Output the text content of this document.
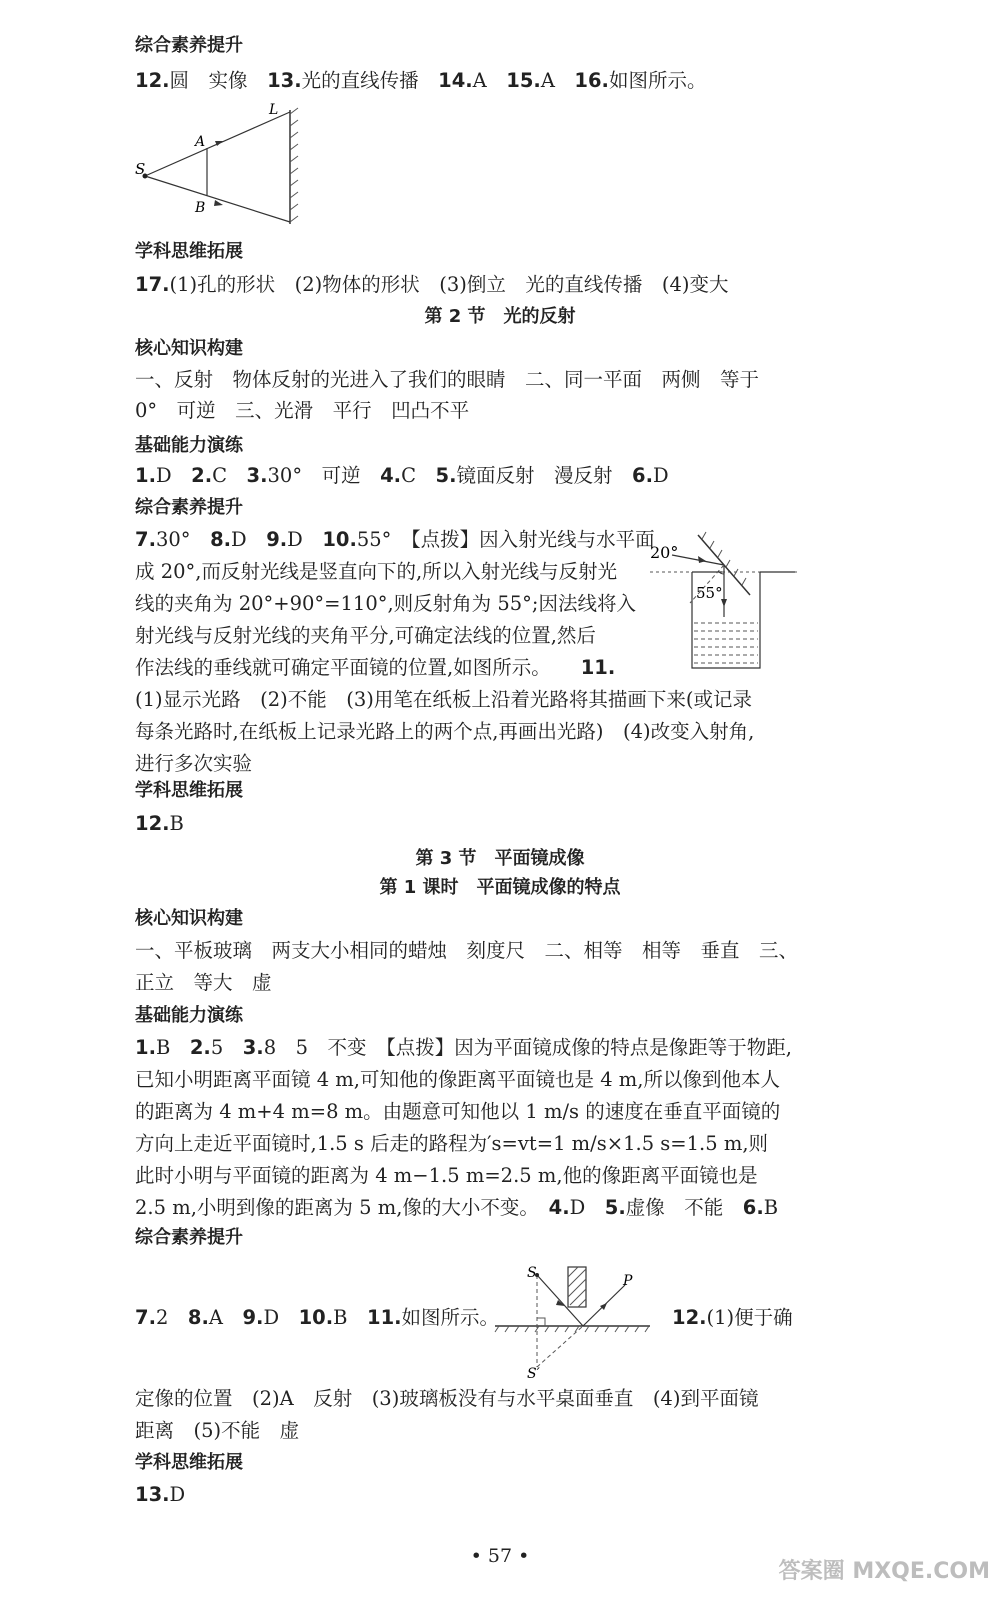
综合素养提升
12.圆　实像　13.光的直线传播　14.A　15.A　16.如图所示。
S
A
B
L
学科思维拓展
17.(1)孔的形状　(2)物体的形状　(3)倒立　光的直线传播　(4)变大
第 2 节　光的反射
核心知识构建
一、反射　物体反射的光进入了我们的眼睛　二、同一平面　两侧　等于
0°　可逆　三、光滑　平行　凹凸不平
基础能力演练
1.D　2.C　3.30°　可逆　4.C　5.镜面反射　漫反射　6.D
综合素养提升
7.30°　8.D　9.D　10.55°　【点拨】因入射光线与水平面
成 20°,而反射光线是竖直向下的,所以入射光线与反射光
线的夹角为 20°+90°=110°,则反射角为 55°;因法线将入
射光线与反射光线的夹角平分,可确定法线的位置,然后
作法线的垂线就可确定平面镜的位置,如图所示。 11.
20°
55°
(1)显示光路　(2)不能　(3)用笔在纸板上沿着光路将其描画下来(或记录
每条光路时,在纸板上记录光路上的两个点,再画出光路)　(4)改变入射角,
进行多次实验
学科思维拓展
12.B
第 3 节　平面镜成像
第 1 课时　平面镜成像的特点
核心知识构建
一、平板玻璃　两支大小相同的蜡烛　刻度尺　二、相等　相等　垂直　三、
正立　等大　虚
基础能力演练
1.B　2.5　3.8　5　不变　【点拨】因为平面镜成像的特点是像距等于物距,
已知小明距离平面镜 4 m,可知他的像距离平面镜也是 4 m,所以像到他本人
的距离为 4 m+4 m=8 m。由题意可知他以 1 m/s 的速度在垂直平面镜的
方向上走近平面镜时,1.5 s 后走的路程为′s=vt=1 m/s×1.5 s=1.5 m,则
此时小明与平面镜的距离为 4 m−1.5 m=2.5 m,他的像距离平面镜也是
2.5 m,小明到像的距离为 5 m,像的大小不变。　4.D　5.虚像　不能　6.B
综合素养提升
S	P
S′
7.2　8.A　9.D　10.B　11.如图所示。	12.(1)便于确
定像的位置　(2)A　反射　(3)玻璃板没有与水平桌面垂直　(4)到平面镜
距离　(5)不能　虚
学科思维拓展
13.D
• 57 •
答案圈 MXQE.COM
